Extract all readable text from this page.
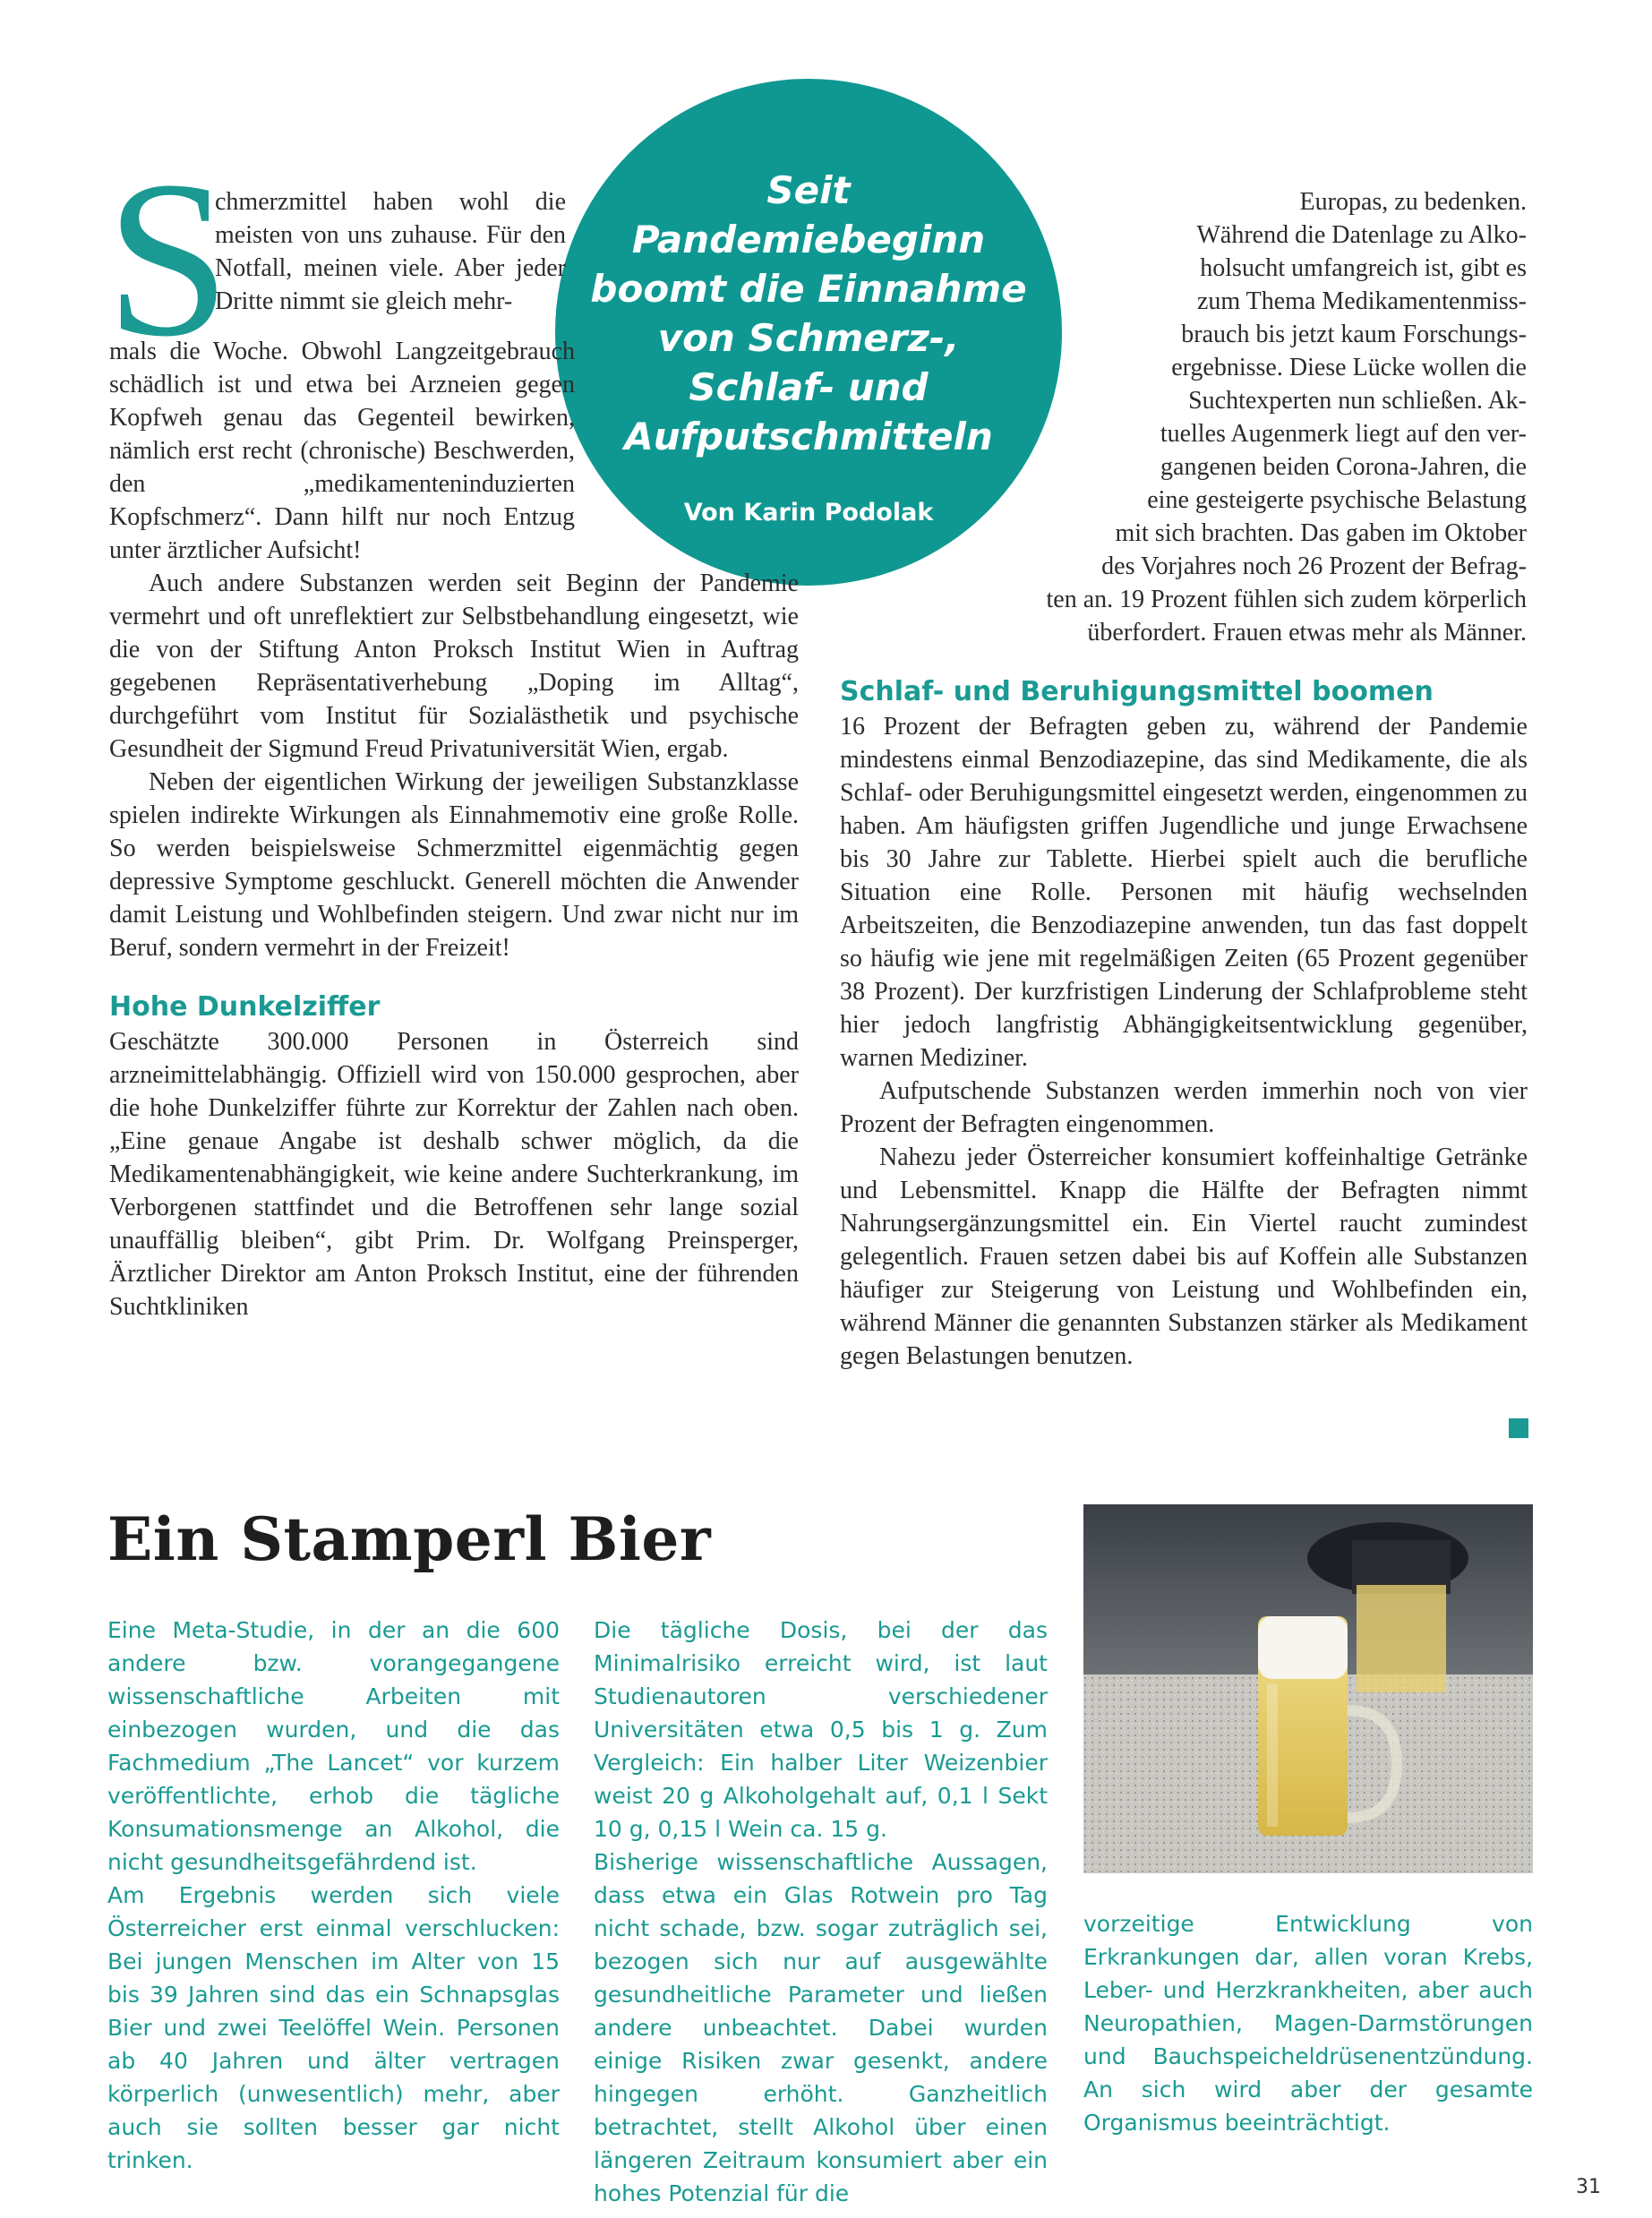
Seit Pandemiebeginn boomt die Einnahme von Schmerz-, Schlaf- und Aufputschmitteln
Von Karin Podolak
S

chmerzmittel haben wohl die meisten von uns zuhause. Für den Notfall, meinen viele. Aber jeder Dritte nimmt sie gleich mehr-

mals die Woche. Obwohl Langzeitgebrauch schädlich ist und etwa bei Arzneien gegen Kopfweh genau das Gegenteil bewirken, nämlich erst recht (chronische) Beschwerden, den „medikamenteninduzierten Kopfschmerz“. Dann hilft nur noch Entzug unter ärztlicher Aufsicht!

Auch andere Substanzen werden seit Beginn der Pandemie vermehrt und oft unreflektiert zur Selbstbehandlung eingesetzt, wie die von der Stiftung Anton Proksch Institut Wien in Auftrag gegebenen Repräsentativerhebung „Doping im Alltag“, durchgeführt vom Institut für Sozialästhetik und psychische Gesundheit der Sigmund Freud Privatuniversität Wien, ergab.

Neben der eigentlichen Wirkung der jeweiligen Substanzklasse spielen indirekte Wirkungen als Einnahmemotiv eine große Rolle. So werden beispielsweise Schmerzmittel eigenmächtig gegen depressive Symptome geschluckt. Generell möchten die Anwender damit Leistung und Wohlbefinden steigern. Und zwar nicht nur im Beruf, sondern vermehrt in der Freizeit!

Hohe Dunkelziffer

Geschätzte 300.000 Personen in Österreich sind arzneimittelabhängig. Offiziell wird von 150.000 gesprochen, aber die hohe Dunkelziffer führte zur Korrektur der Zahlen nach oben. „Eine genaue Angabe ist deshalb schwer möglich, da die Medikamentenabhängigkeit, wie keine andere Suchterkrankung, im Verborgenen stattfindet und die Betroffenen sehr lange sozial unauffällig bleiben“, gibt Prim. Dr. Wolfgang Preinsperger, Ärztlicher Direktor am Anton Proksch Institut, eine der führenden Suchtkliniken

Europas, zu bedenken.
Während die Datenlage zu Alko-
holsucht umfangreich ist, gibt es
zum Thema Medikamentenmiss-
brauch bis jetzt kaum Forschungs-
ergebnisse. Diese Lücke wollen die
Suchtexperten nun schließen. Ak-
tuelles Augenmerk liegt auf den ver-
gangenen beiden Corona-Jahren, die
eine gesteigerte psychische Belastung
mit sich brachten. Das gaben im Oktober
des Vorjahres noch 26 Prozent der Befrag-
ten an. 19 Prozent fühlen sich zudem körperlich
überfordert. Frauen etwas mehr als Männer.
Schlaf- und Beruhigungsmittel boomen

16 Prozent der Befragten geben zu, während der Pandemie mindestens einmal Benzodiazepine, das sind Medikamente, die als Schlaf- oder Beruhigungsmittel eingesetzt werden, eingenommen zu haben. Am häufigsten griffen Jugendliche und junge Erwachsene bis 30 Jahre zur Tablette. Hierbei spielt auch die berufliche Situation eine Rolle. Personen mit häufig wechselnden Arbeitszeiten, die Benzodiazepine anwenden, tun das fast doppelt so häufig wie jene mit regelmäßigen Zeiten (65 Prozent gegenüber 38 Prozent). Der kurzfristigen Linderung der Schlafprobleme steht hier jedoch langfristig Abhängigkeitsentwicklung gegenüber, warnen Mediziner.

Aufputschende Substanzen werden immerhin noch von vier Prozent der Befragten eingenommen.

Nahezu jeder Österreicher konsumiert koffeinhaltige Getränke und Lebensmittel. Knapp die Hälfte der Befragten nimmt Nahrungsergänzungsmittel ein. Ein Viertel raucht zumindest gelegentlich. Frauen setzen dabei bis auf Koffein alle Substanzen häufiger zur Steigerung von Leistung und Wohlbefinden ein, während Männer die genannten Substanzen stärker als Medikament gegen Belastungen benutzen.

Ein Stamperl Bier

Eine Meta-Studie, in der an die 600 andere bzw. vorangegangene wissenschaftliche Arbeiten mit einbezogen wurden, und die das Fachmedium „The Lancet“ vor kurzem veröffentlichte, erhob die tägliche Konsumationsmenge an Alkohol, die nicht gesundheitsgefährdend ist.

Am Ergebnis werden sich viele Österreicher erst einmal verschlucken: Bei jungen Menschen im Alter von 15 bis 39 Jahren sind das ein Schnapsglas Bier und zwei Teelöffel Wein. Personen ab 40 Jahren und älter vertragen körperlich (unwesentlich) mehr, aber auch sie sollten besser gar nicht trinken.

Die tägliche Dosis, bei der das Minimalrisiko erreicht wird, ist laut Studienautoren verschiedener Universitäten etwa 0,5 bis 1 g. Zum Vergleich: Ein halber Liter Weizenbier weist 20 g Alkoholgehalt auf, 0,1 l Sekt 10 g, 0,15 l Wein ca. 15 g.

Bisherige wissenschaftliche Aussagen, dass etwa ein Glas Rotwein pro Tag nicht schade, bzw. sogar zuträglich sei, bezogen sich nur auf ausgewählte gesundheitliche Parameter und ließen andere unbeachtet. Dabei wurden einige Risiken zwar gesenkt, andere hingegen erhöht. Ganzheitlich betrachtet, stellt Alkohol über einen längeren Zeitraum konsumiert aber ein hohes Potenzial für die

vorzeitige Entwicklung von Erkrankungen dar, allen voran Krebs, Leber- und Herzkrankheiten, aber auch Neuropathien, Magen-Darmstörungen und Bauchspeicheldrüsenentzündung. An sich wird aber der gesamte Organismus beeinträchtigt.

31
